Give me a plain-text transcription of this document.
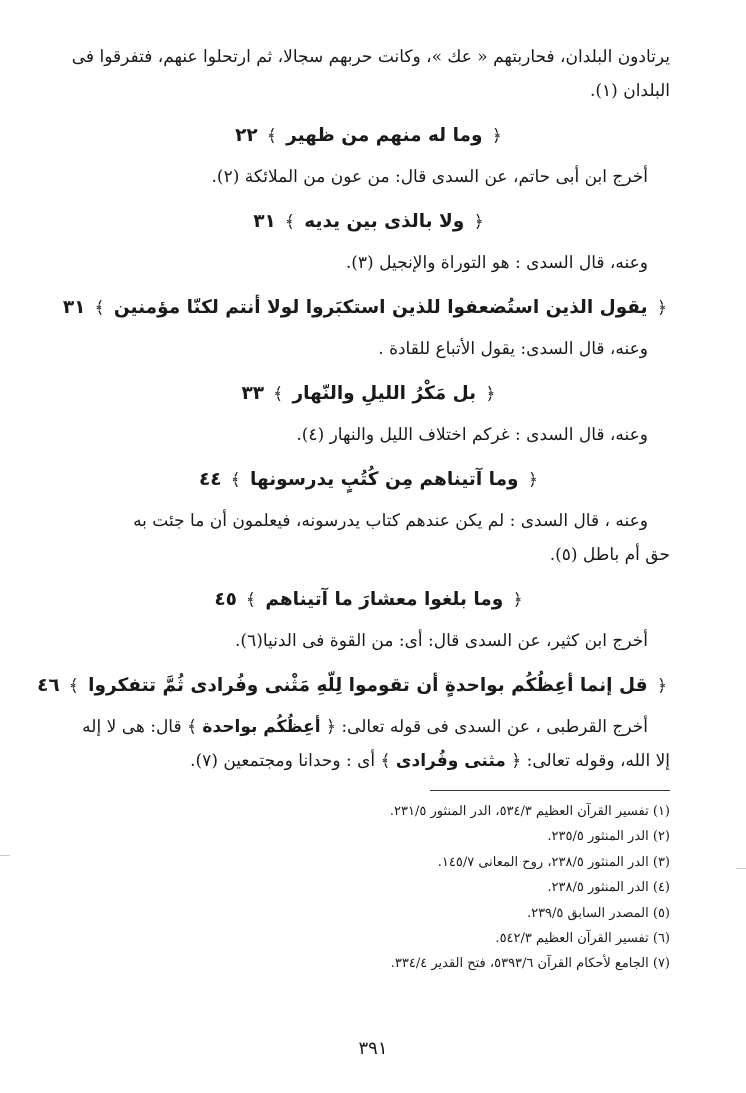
يرتادون البلدان، فحاربتهم « عك »، وكانت حربهم سجالا، ثم ارتحلوا عنهم، فتفرقوا فى
البلدان (١).

﴿ وما له منهم من ظهير ﴾٢٢

أخرج ابن أبى حاتم، عن السدى قال: من عون من الملائكة (٢).

﴿ ولا بالذى بين يديه ﴾٣١

وعنه، قال السدى : هو التوراة والإنجيل (٣).

﴿ يقول الذين استُضعفوا للذين استكبَروا لولا أنتم لكنّا مؤمنين ﴾٣١

وعنه، قال السدى: يقول الأتباع للقادة .

﴿ بل مَكْرُ الليلِ والنّهار ﴾٣٣

وعنه، قال السدى : غركم اختلاف الليل والنهار (٤).

﴿ وما آتيناهم مِن كُتُبٍ يدرسونها ﴾٤٤

وعنه ، قال السدى : لم يكن عندهم كتاب يدرسونه، فيعلمون أن ما جئت به
حق أم باطل (٥).

﴿ وما بلغوا معشارَ ما آتيناهم ﴾٤٥

أخرج ابن كثير، عن السدى قال: أى: من القوة فى الدنيا(٦).

﴿ قل إنما أعِظُكُم بواحدةٍ أن تقوموا لِلّهِ مَثْنى وفُرادى ثُمَّ تتفكروا ﴾٤٦

أخرج القرطبى ، عن السدى فى قوله تعالى: ﴿ أعِظُكُم بواحدة ﴾ قال: هى لا إله
إلا الله، وقوله تعالى: ﴿ مثنى وفُرادى ﴾ أى : وحدانا ومجتمعين (٧).

(١) تفسير القرآن العظيم ٥٣٤/٣، الدر المنثور ٢٣١/٥.

(٢) الدر المنثور ٢٣٥/٥.

(٣) الدر المنثور ٢٣٨/٥، روح المعانى ١٤٥/٧.

(٤) الدر المنثور ٢٣٨/٥.

(٥) المصدر السابق ٢٣٩/٥.

(٦) تفسير القرآن العظيم ٥٤٢/٣.

(٧) الجامع لأحكام القرآن ٥٣٩٣/٦، فتح القدير ٣٣٤/٤.

٣٩١
